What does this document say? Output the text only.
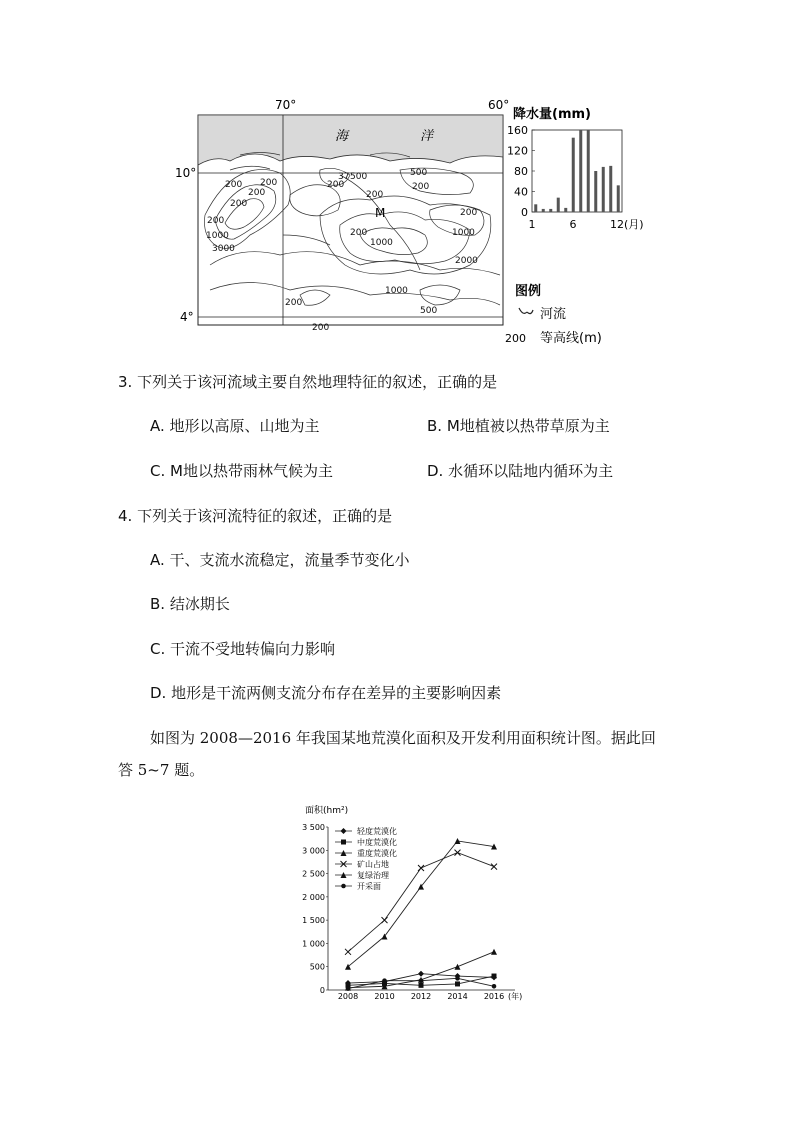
200
1000
3000
200
200
200
200	200
37 500
200
500
200
200
1000
1000
2000
1000
500
200
200
200
海	洋
M
70°	60°
10°
4°
降水量(mm)
160
120
80
40
0
1	6	12(月)
图例
河流
200 等高线(m)
3. 下列关于该河流域主要自然地理特征的叙述，正确的是
A. 地形以高原、山地为主	B. M地植被以热带草原为主
C. M地以热带雨林气候为主	D. 水循环以陆地内循环为主
4. 下列关于该河流特征的叙述，正确的是
A. 干、支流水流稳定，流量季节变化小
B. 结冰期长
C. 干流不受地转偏向力影响
D. 地形是干流两侧支流分布存在差异的主要影响因素
如图为 2008—2016 年我国某地荒漠化面积及开发利用面积统计图。据此回
答 5~7 题。
面积(hm²)
3 500
3 000
2 500
2 000
1 500
1 000
500
0
2008 2010 2012 2014 2016 (年)
轻度荒漠化
中度荒漠化
重度荒漠化
矿山占地
复绿治理
开采面
